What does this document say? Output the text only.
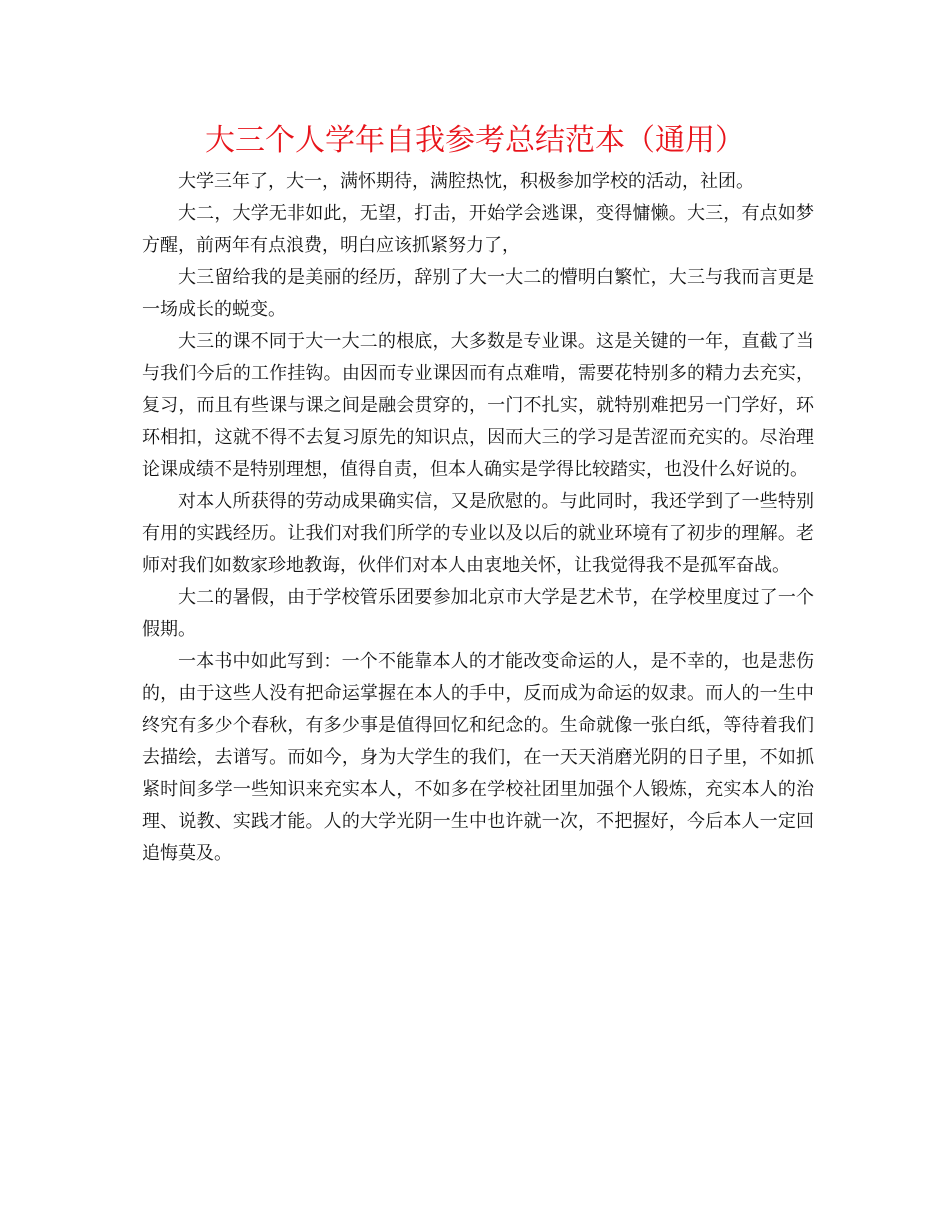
大三个人学年自我参考总结范本（通用）

大学三年了，大一，满怀期待，满腔热忱，积极参加学校的活动，社团。

大二，大学无非如此，无望，打击，开始学会逃课，变得慵懒。大三，有点如梦方醒，前两年有点浪费，明白应该抓紧努力了，

大三留给我的是美丽的经历，辞别了大一大二的懵明白繁忙，大三与我而言更是一场成长的蜕变。

大三的课不同于大一大二的根底，大多数是专业课。这是关键的一年，直截了当与我们今后的工作挂钩。由因而专业课因而有点难啃，需要花特别多的精力去充实，复习，而且有些课与课之间是融会贯穿的，一门不扎实，就特别难把另一门学好，环环相扣，这就不得不去复习原先的知识点，因而大三的学习是苦涩而充实的。尽治理论课成绩不是特别理想，值得自责，但本人确实是学得比较踏实，也没什么好说的。

对本人所获得的劳动成果确实信，又是欣慰的。与此同时，我还学到了一些特别有用的实践经历。让我们对我们所学的专业以及以后的就业环境有了初步的理解。老师对我们如数家珍地教诲，伙伴们对本人由衷地关怀，让我觉得我不是孤军奋战。

大二的暑假，由于学校管乐团要参加北京市大学是艺术节，在学校里度过了一个假期。

一本书中如此写到：一个不能靠本人的才能改变命运的人，是不幸的，也是悲伤的，由于这些人没有把命运掌握在本人的手中，反而成为命运的奴隶。而人的一生中终究有多少个春秋，有多少事是值得回忆和纪念的。生命就像一张白纸，等待着我们去描绘，去谱写。而如今，身为大学生的我们，在一天天消磨光阴的日子里，不如抓紧时间多学一些知识来充实本人，不如多在学校社团里加强个人锻炼，充实本人的治理、说教、实践才能。人的大学光阴一生中也许就一次，不把握好，今后本人一定回追悔莫及。
